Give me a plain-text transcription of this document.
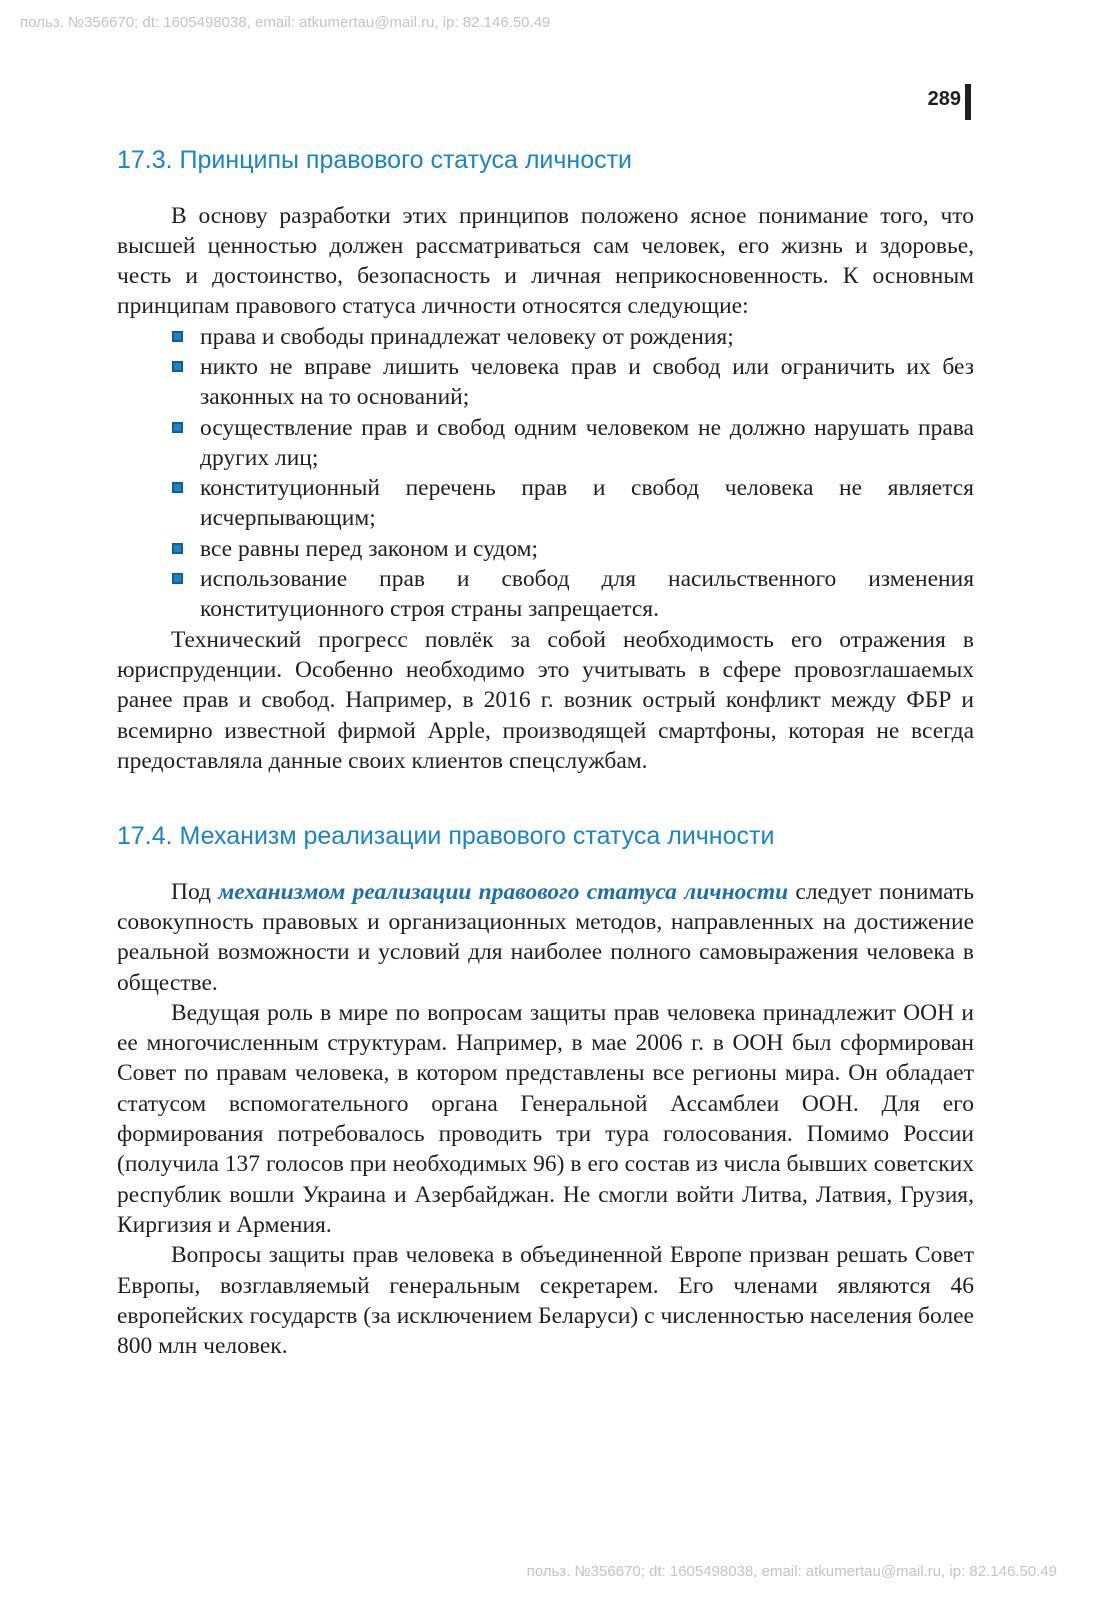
польз. №356670; dt: 1605498038, email: atkumertau@mail.ru, ip: 82.146.50.49
289
17.3. Принципы правового статуса личности

В основу разработки этих принципов положено ясное понимание того, что высшей ценностью должен рассматриваться сам человек, его жизнь и здоровье, честь и достоинство, безопасность и личная неприкосновенность. К основным принципам правового статуса личности относятся следующие:

права и свободы принадлежат человеку от рождения;
никто не вправе лишить человека прав и свобод или ограничить их без законных на то оснований;
осуществление прав и свобод одним человеком не должно нарушать права других лиц;
конституционный перечень прав и свобод человека не является исчерпывающим;
все равны перед законом и судом;
использование прав и свобод для насильственного изменения конституционного строя страны запрещается.

Технический прогресс повлёк за собой необходимость его отражения в юриспруденции. Особенно необходимо это учитывать в сфере провозглашаемых ранее прав и свобод. Например, в 2016 г. возник острый конфликт между ФБР и всемирно известной фирмой Apple, производящей смартфоны, которая не всегда предоставляла данные своих клиентов спецслужбам.

17.4. Механизм реализации правового статуса личности

Под механизмом реализации правового статуса личности следует понимать совокупность правовых и организационных методов, направленных на достижение реальной возможности и условий для наиболее полного самовыражения человека в обществе.

Ведущая роль в мире по вопросам защиты прав человека принадлежит ООН и ее многочисленным структурам. Например, в мае 2006 г. в ООН был сформирован Совет по правам человека, в котором представлены все регионы мира. Он обладает статусом вспомогательного органа Генеральной Ассамблеи ООН. Для его формирования потребовалось проводить три тура голосования. Помимо России (получила 137 голосов при необходимых 96) в его состав из числа бывших советских республик вошли Украина и Азербайджан. Не смогли войти Литва, Латвия, Грузия, Киргизия и Армения.

Вопросы защиты прав человека в объединенной Европе призван решать Совет Европы, возглавляемый генеральным секретарем. Его членами являются 46 европейских государств (за исключением Беларуси) с численностью населения более 800 млн человек.

польз. №356670; dt: 1605498038, email: atkumertau@mail.ru, ip: 82.146.50.49
